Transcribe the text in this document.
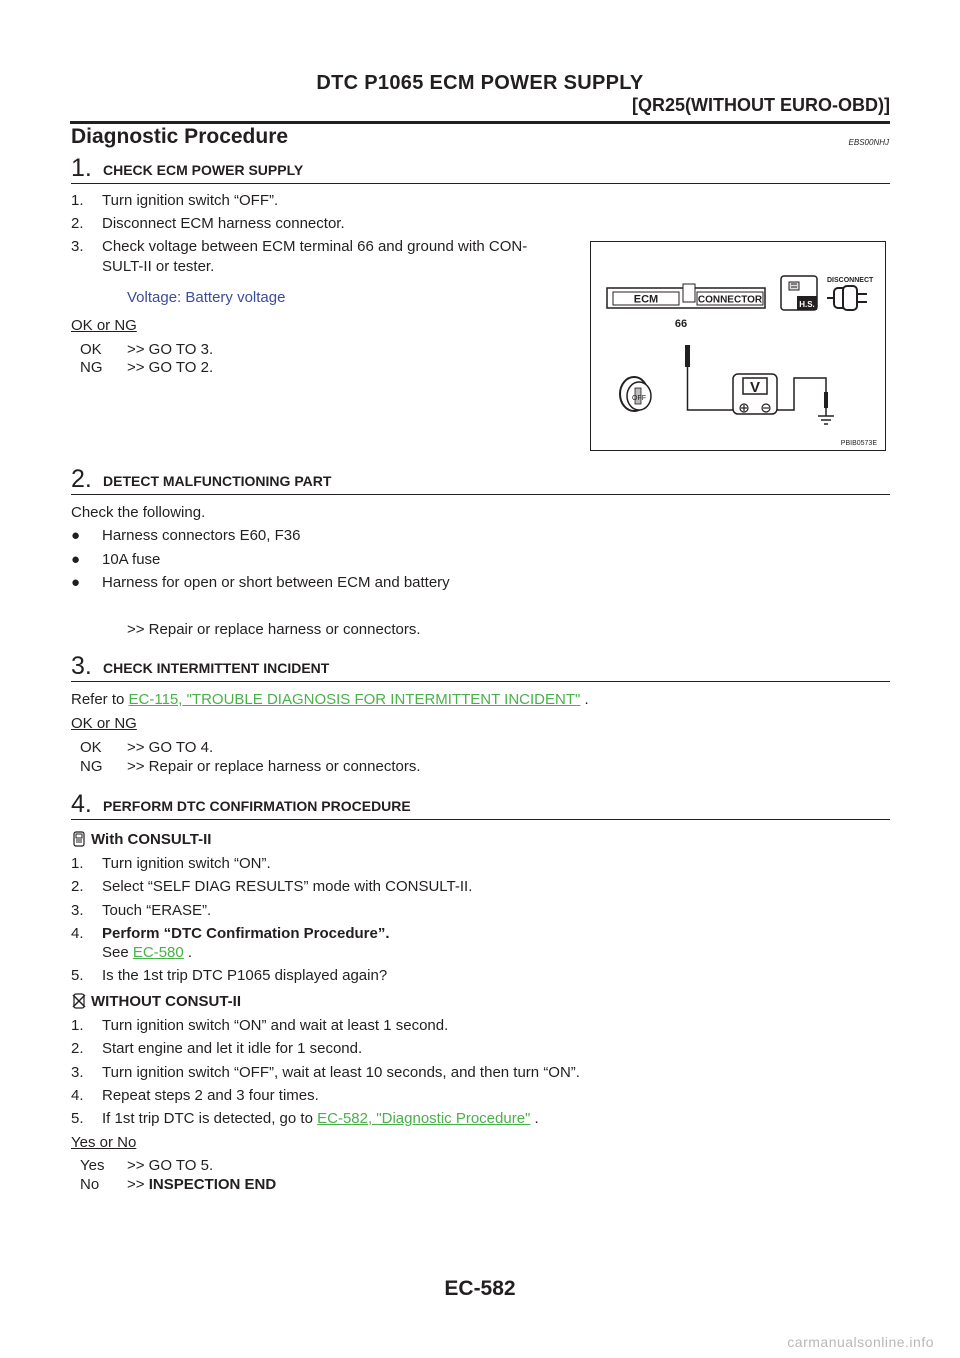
DTC P1065 ECM POWER SUPPLY
[QR25(WITHOUT EURO-OBD)]
Diagnostic Procedure	EBS00NHJ
1. CHECK ECM POWER SUPPLY
1. Turn ignition switch “OFF”.
2. Disconnect ECM harness connector.
3. Check voltage between ECM terminal 66 and ground with CON-
SULT-II or tester.
Voltage: Battery voltage
OK or NG
OK >> GO TO 3.
NG >> GO TO 2.
ECM	CONNECTOR	H.S.
DISCONNECT
66
V
OFF
PBIB0573E
2. DETECT MALFUNCTIONING PART
Check the following.
● Harness connectors E60, F36
● 10A fuse
● Harness for open or short between ECM and battery
>> Repair or replace harness or connectors.
3. CHECK INTERMITTENT INCIDENT
Refer to EC-115, "TROUBLE DIAGNOSIS FOR INTERMITTENT INCIDENT" .
OK or NG
OK >> GO TO 4.
NG >> Repair or replace harness or connectors.
4. PERFORM DTC CONFIRMATION PROCEDURE
With CONSULT-II
1. Turn ignition switch “ON”.
2. Select “SELF DIAG RESULTS” mode with CONSULT-II.
3. Touch “ERASE”.
4. Perform “DTC Confirmation Procedure”.
See EC-580 .
5. Is the 1st trip DTC P1065 displayed again?
WITHOUT CONSUT-II
1. Turn ignition switch “ON” and wait at least 1 second.
2. Start engine and let it idle for 1 second.
3. Turn ignition switch “OFF”, wait at least 10 seconds, and then turn “ON”.
4. Repeat steps 2 and 3 four times.
5. If 1st trip DTC is detected, go to EC-582, "Diagnostic Procedure" .
Yes or No
Yes >> GO TO 5.
No >> INSPECTION END
EC-582
carmanualsonline.info
